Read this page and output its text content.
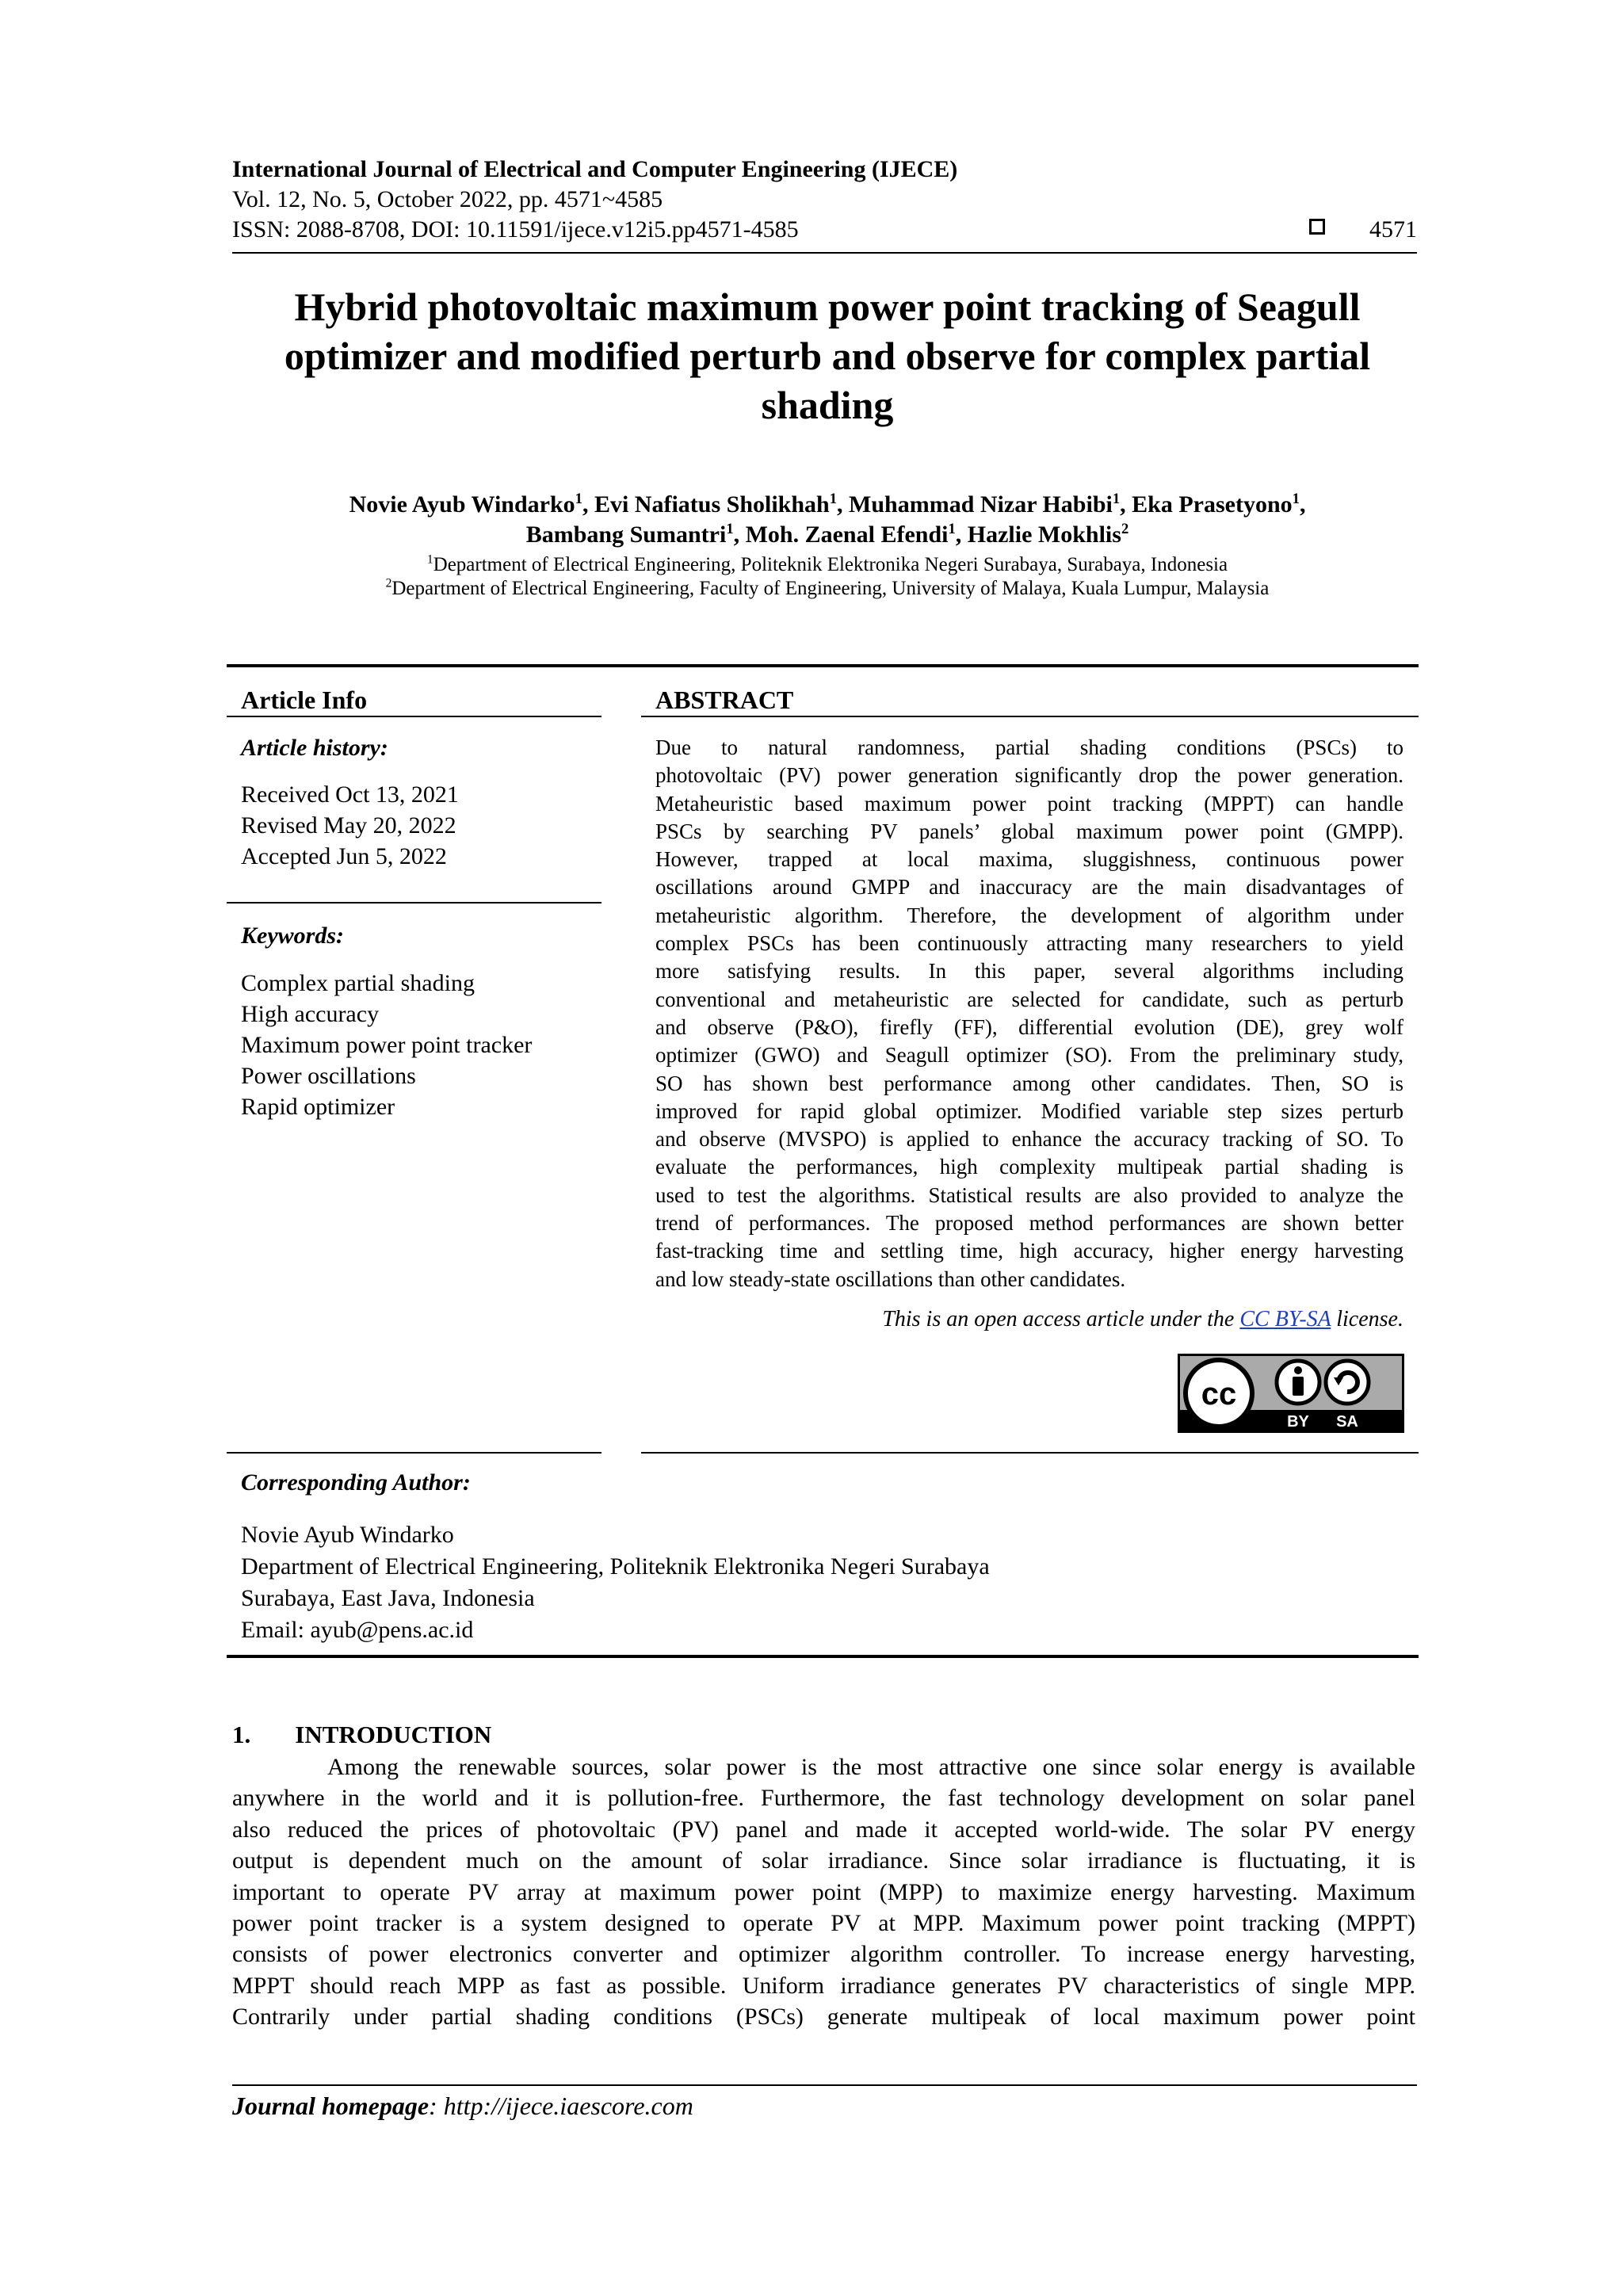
International Journal of Electrical and Computer Engineering (IJECE)
Vol. 12, No. 5, October 2022, pp. 4571~4585
ISSN: 2088-8708, DOI: 10.11591/ijece.v12i5.pp4571-4585	4571
Hybrid photovoltaic maximum power point tracking of Seagull
optimizer and modified perturb and observe for complex partial
shading
Novie Ayub Windarko$^1$, Evi Nafiatus Sholikhah$^1$, Muhammad Nizar Habibi$^1$, Eka Prasetyono$^1$,
Bambang Sumantri$^1$, Moh. Zaenal Efendi$^1$, Hazlie Mokhlis$^2$
$^1$Department of Electrical Engineering, Politeknik Elektronika Negeri Surabaya, Surabaya, Indonesia
$^2$Department of Electrical Engineering, Faculty of Engineering, University of Malaya, Kuala Lumpur, Malaysia
Article Info	ABSTRACT
Article history:
Received Oct 13, 2021
Revised May 20, 2022
Accepted Jun 5, 2022
Keywords:
Complex partial shading
High accuracy
Maximum power point tracker
Power oscillations
Rapid optimizer
Due to natural randomness, partial shading conditions (PSCs) to
photovoltaic (PV) power generation significantly drop the power generation.
Metaheuristic based maximum power point tracking (MPPT) can handle
PSCs by searching PV panels’ global maximum power point (GMPP).
However, trapped at local maxima, sluggishness, continuous power
oscillations around GMPP and inaccuracy are the main disadvantages of
metaheuristic algorithm. Therefore, the development of algorithm under
complex PSCs has been continuously attracting many researchers to yield
more satisfying results. In this paper, several algorithms including
conventional and metaheuristic are selected for candidate, such as perturb
and observe (P&O), firefly (FF), differential evolution (DE), grey wolf
optimizer (GWO) and Seagull optimizer (SO). From the preliminary study,
SO has shown best performance among other candidates. Then, SO is
improved for rapid global optimizer. Modified variable step sizes perturb
and observe (MVSPO) is applied to enhance the accuracy tracking of SO. To
evaluate the performances, high complexity multipeak partial shading is
used to test the algorithms. Statistical results are also provided to analyze the
trend of performances. The proposed method performances are shown better
fast-tracking time and settling time, high accuracy, higher energy harvesting
and low steady-state oscillations than other candidates.
This is an open access article under the CC BY-SA license.
cc
BY SA
Corresponding Author:
Novie Ayub Windarko
Department of Electrical Engineering, Politeknik Elektronika Negeri Surabaya
Surabaya, East Java, Indonesia
Email: ayub@pens.ac.id
1. INTRODUCTION
Among the renewable sources, solar power is the most attractive one since solar energy is available
anywhere in the world and it is pollution-free. Furthermore, the fast technology development on solar panel
also reduced the prices of photovoltaic (PV) panel and made it accepted world-wide. The solar PV energy
output is dependent much on the amount of solar irradiance. Since solar irradiance is fluctuating, it is
important to operate PV array at maximum power point (MPP) to maximize energy harvesting. Maximum
power point tracker is a system designed to operate PV at MPP. Maximum power point tracking (MPPT)
consists of power electronics converter and optimizer algorithm controller. To increase energy harvesting,
MPPT should reach MPP as fast as possible. Uniform irradiance generates PV characteristics of single MPP.
Contrarily under partial shading conditions (PSCs) generate multipeak of local maximum power point
Journal homepage: http://ijece.iaescore.com
